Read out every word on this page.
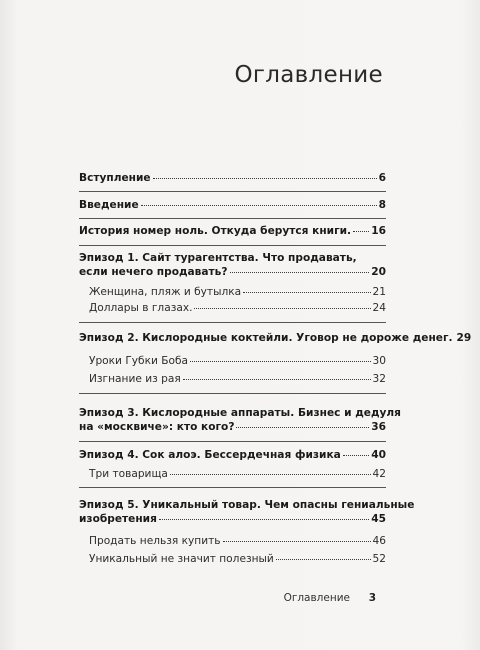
Оглавление
Вступление	6
Введение	8
История номер ноль. Откуда берутся книги. 16
Эпизод 1. Сайт турагентства. Что продавать,
если нечего продавать?	20
Женщина, пляж и бутылка	21
Доллары в глазах.	24
Эпизод 2. Кислородные коктейли. Уговор не дороже денег. 29
Уроки Губки Боба	30
Изгнание из рая	32
Эпизод 3. Кислородные аппараты. Бизнес и дедуля
на «москвиче»: кто кого?	36
Эпизод 4. Сок алоэ. Бессердечная физика	40
Три товарища	42
Эпизод 5. Уникальный товар. Чем опасны гениальные
изобретения	45
Продать нельзя купить	46
Уникальный не значит полезный	52
Оглавление 3
